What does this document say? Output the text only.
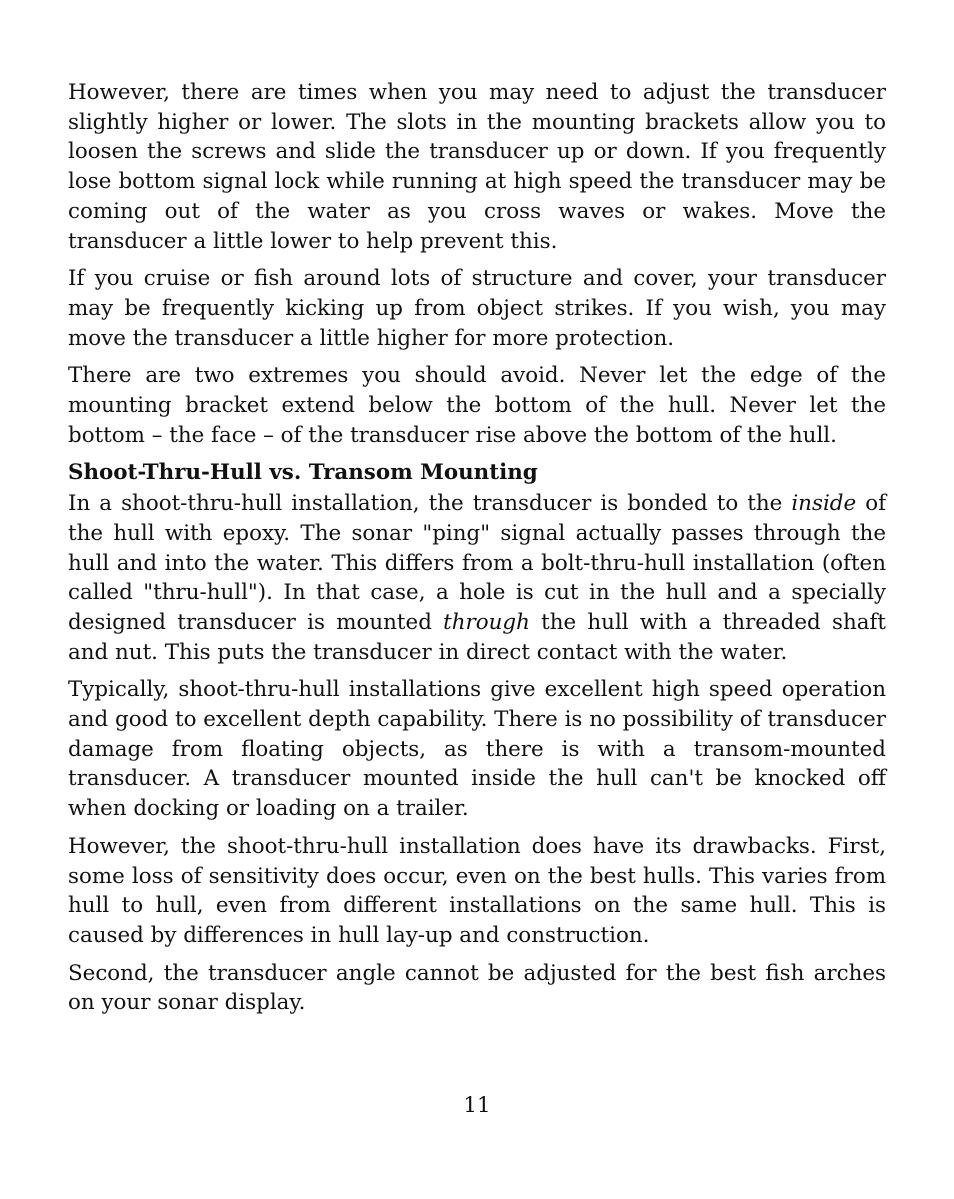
However, there are times when you may need to adjust the transducer slightly higher or lower. The slots in the mounting brackets allow you to loosen the screws and slide the transducer up or down. If you frequently lose bottom signal lock while running at high speed the transducer may be coming out of the water as you cross waves or wakes. Move the transducer a little lower to help prevent this.

If you cruise or fish around lots of structure and cover, your transducer may be frequently kicking up from object strikes. If you wish, you may move the transducer a little higher for more protection.

There are two extremes you should avoid. Never let the edge of the mounting bracket extend below the bottom of the hull. Never let the bottom – the face – of the transducer rise above the bottom of the hull.

Shoot-Thru-Hull vs. Transom Mounting

In a shoot-thru-hull installation, the transducer is bonded to the inside of the hull with epoxy. The sonar "ping" signal actually passes through the hull and into the water. This differs from a bolt-thru-hull installation (often called "thru-hull"). In that case, a hole is cut in the hull and a specially designed transducer is mounted through the hull with a threaded shaft and nut. This puts the transducer in direct contact with the water.

Typically, shoot-thru-hull installations give excellent high speed operation and good to excellent depth capability. There is no possibility of transducer damage from floating objects, as there is with a transom-mounted transducer. A transducer mounted inside the hull can't be knocked off when docking or loading on a trailer.

However, the shoot-thru-hull installation does have its drawbacks. First, some loss of sensitivity does occur, even on the best hulls. This varies from hull to hull, even from different installations on the same hull. This is caused by differences in hull lay-up and construction.

Second, the transducer angle cannot be adjusted for the best fish arches on your sonar display.

11
